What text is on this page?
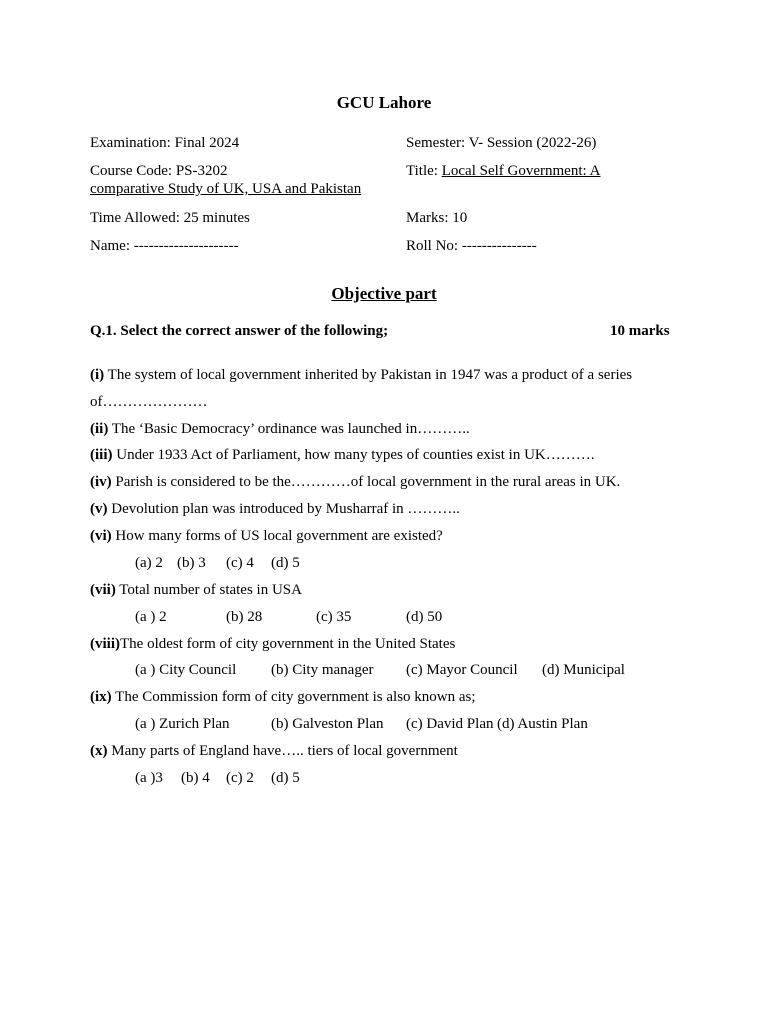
GCU Lahore
Examination: Final 2024	Semester: V- Session (2022-26)
Course Code: PS-3202	Title: Local Self Government: A
comparative Study of UK, USA and Pakistan
Time Allowed: 25 minutes	Marks: 10
Name: ---------------------	Roll No: ---------------
Objective part
Q.1. Select the correct answer of the following;	10 marks
(i) The system of local government inherited by Pakistan in 1947 was a product of a series
of…………………
(ii) The ‘Basic Democracy’ ordinance was launched in………..
(iii) Under 1933 Act of Parliament, how many types of counties exist in UK……….
(iv) Parish is considered to be the…………of local government in the rural areas in UK.
(v) Devolution plan was introduced by Musharraf in ………..
(vi) How many forms of US local government are existed?
(a) 2 (b) 3 (c) 4 (d) 5
(vii) Total number of states in USA
(a ) 2	(b) 28	(c) 35	(d) 50
(viii)The oldest form of city government in the United States
(a ) City Council (b) City manager (c) Mayor Council (d) Municipal
(ix) The Commission form of city government is also known as;
(a ) Zurich Plan	(b) Galveston Plan (c) David Plan (d) Austin Plan
(x) Many parts of England have….. tiers of local government
(a )3 (b) 4 (c) 2 (d) 5
